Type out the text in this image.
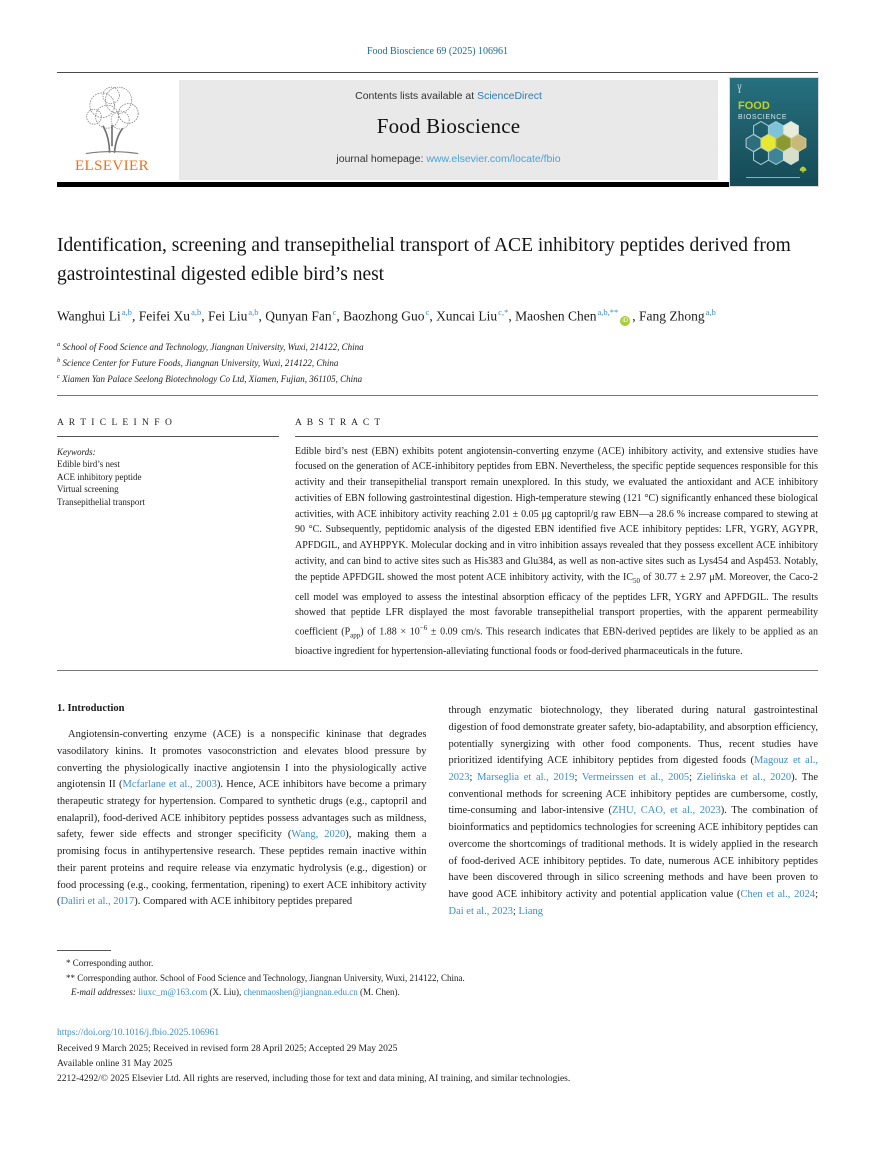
Food Bioscience 69 (2025) 106961
ELSEVIER
Contents lists available at ScienceDirect
Food Bioscience
journal homepage: www.elsevier.com/locate/fbio
FOOD
BIOSCIENCE
Identification, screening and transepithelial transport of ACE inhibitory peptides derived from gastrointestinal digested edible bird’s nest

Wanghui Li$^{a,b}$, Feifei Xu$^{a,b}$, Fei Liu$^{a,b}$, Qunyan Fan$^c$, Baozhong Guo$^c$, Xuncai Liu$^{c,*}$, Maoshen Chen$^{a,b,**}$iD , Fang Zhong$^{a,b}$

$^a$ School of Food Science and Technology, Jiangnan University, Wuxi, 214122, China
$^b$ Science Center for Future Foods, Jiangnan University, Wuxi, 214122, China
$^c$ Xiamen Yan Palace Seelong Biotechnology Co Ltd, Xiamen, Fujian, 361105, China
A R T I C L E I N F O
Keywords:
Edible bird’s nest
ACE inhibitory peptide
Virtual screening
Transepithelial transport
A B S T R A C T

Edible bird’s nest (EBN) exhibits potent angiotensin-converting enzyme (ACE) inhibitory activity, and extensive studies have focused on the generation of ACE-inhibitory peptides from EBN. Nevertheless, the specific peptide sequences responsible for this activity and their transepithelial transport remain unexplored. In this study, we evaluated the antioxidant and ACE inhibitory activities of EBN following gastrointestinal digestion. High-temperature stewing (121 °C) significantly enhanced these biological activities, with ACE inhibitory activity reaching 2.01 ± 0.05 μg captopril/g raw EBN—a 28.6 % increase compared to stewing at 90 °C. Subsequently, peptidomic analysis of the digested EBN identified five ACE inhibitory peptides: LFR, YGRY, AGYPR, APFDGIL, and AYHPPYK. Molecular docking and in vitro inhibition assays revealed that they possess excellent ACE inhibitory activity, and can bind to active sites such as His383 and Glu384, as well as non-active sites such as Lys454 and Asp453. Notably, the peptide APFDGIL showed the most potent ACE inhibitory activity, with the $IC_{50}$ of 30.77 ± 2.97 μM. Moreover, the Caco-2 cell model was employed to assess the intestinal absorption efficacy of the peptides LFR, YGRY and APFDGIL. The results showed that peptide LFR displayed the most favorable transepithelial transport properties, with the apparent permeability coefficient $(P_{app})$ of $1.88 \times 10^{-6} \pm 0.09$ cm/s. This research indicates that EBN-derived peptides are likely to be applied as an bioactive ingredient for hypertension-alleviating functional foods or food-derived pharmaceuticals in the future.

1. Introduction

Angiotensin-converting enzyme (ACE) is a nonspecific kininase that degrades vasodilatory kinins. It promotes vasoconstriction and elevates blood pressure by converting the physiologically inactive angiotensin I into the physiologically active angiotensin II (Mcfarlane et al., 2003). Hence, ACE inhibitors have become a primary therapeutic strategy for hypertension. Compared to synthetic drugs (e.g., captopril and enalapril), food-derived ACE inhibitory peptides possess advantages such as mildness, safety, fewer side effects and stronger specificity (Wang, 2020), making them a promising focus in antihypertensive research. These peptides remain inactive within their parent proteins and require release via enzymatic hydrolysis (e.g., digestion) or food processing (e.g., cooking, fermentation, ripening) to exert ACE inhibitory activity (Daliri et al., 2017). Compared with ACE inhibitory peptides prepared

through enzymatic biotechnology, they liberated during natural gastrointestinal digestion of food demonstrate greater safety, bio-adaptability, and absorption efficiency, potentially synergizing with other food components. Thus, recent studies have prioritized identifying ACE inhibitory peptides from digested foods (Magouz et al., 2023; Marseglia et al., 2019; Vermeirssen et al., 2005; Zielińska et al., 2020). The conventional methods for screening ACE inhibitory peptides are cumbersome, costly, time-consuming and labor-intensive (ZHU, CAO, et al., 2023). The combination of bioinformatics and peptidomics technologies for screening ACE inhibitory peptides can overcome the shortcomings of traditional methods. It is widely applied in the research of food-derived ACE inhibitory peptides. To date, numerous ACE inhibitory peptides have been discovered through in silico screening methods and have been proven to have good ACE inhibitory activity and potential application value (Chen et al., 2024; Dai et al., 2023; Liang

* Corresponding author.
** Corresponding author. School of Food Science and Technology, Jiangnan University, Wuxi, 214122, China.
E-mail addresses: liuxc_m@163.com (X. Liu), chenmaoshen@jiangnan.edu.cn (M. Chen).
https://doi.org/10.1016/j.fbio.2025.106961
Received 9 March 2025; Received in revised form 28 April 2025; Accepted 29 May 2025
Available online 31 May 2025
2212-4292/© 2025 Elsevier Ltd. All rights are reserved, including those for text and data mining, AI training, and similar technologies.
